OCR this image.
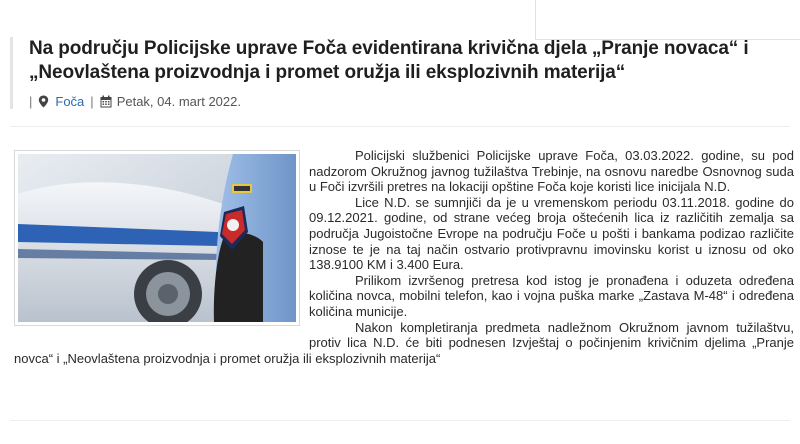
Na području Policijske uprave Foča evidentirana krivična djela „Pranje novaca“ i „Neovlaštena proizvodnja i promet oružja ili eksplozivnih materija“
| Foča | Petak, 04. mart 2022.

Policijski službenici Policijske uprave Foča, 03.03.2022. godine, su pod nadzorom Okružnog javnog tužilaštva Trebinje, na osnovu naredbe Osnovnog suda u Foči izvršili pretres na lokaciji opštine Foča koje koristi lice inicijala N.D.

Lice N.D. se sumnjiči da je u vremenskom periodu 03.11.2018. godine do 09.12.2021. godine, od strane većeg broja oštećenih lica iz različitih zemalja sa područja Jugoistočne Evrope na području Foče u pošti i bankama podizao različite iznose te je na taj način ostvario protivpravnu imovinsku korist u iznosu od oko 138.9100 KM i 3.400 Eura.

Prilikom izvršenog pretresa kod istog je pronađena i oduzeta određena količina novca, mobilni telefon, kao i vojna puška marke „Zastava M-48“ i određena količina municije.

Nakon kompletiranja predmeta nadležnom Okružnom javnom tužilaštvu, protiv lica N.D. će biti podnesen Izvještaj o počinjenim krivičnim djelima „Pranje novca“ i „Neovlaštena proizvodnja i promet oružja ili eksplozivnih materija“
